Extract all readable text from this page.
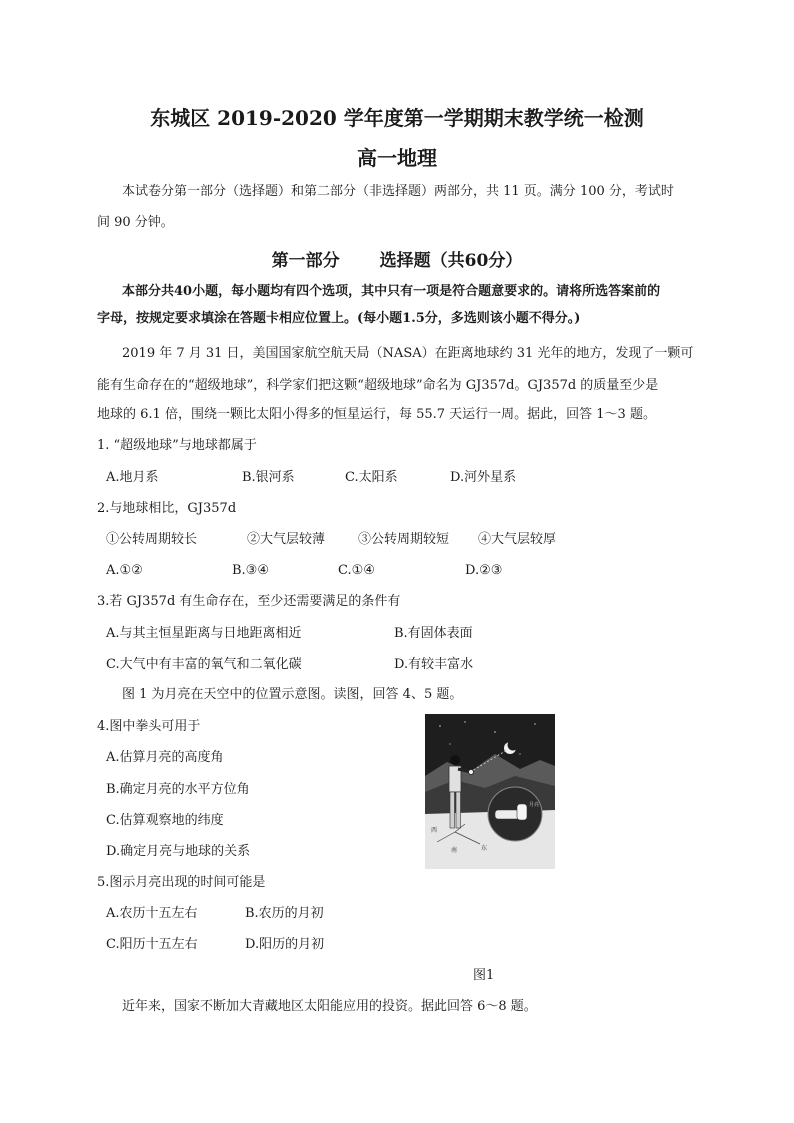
东城区 2019-2020 学年度第一学期期末教学统一检测
高一地理
本试卷分第一部分（选择题）和第二部分（非选择题）两部分，共 11 页。满分 100 分，考试时
间 90 分钟。
第一部分 选择题（共60分）
本部分共40小题，每小题均有四个选项，其中只有一项是符合题意要求的。请将所选答案前的
字母，按规定要求填涂在答题卡相应位置上。(每小题1.5分，多选则该小题不得分。)
2019 年 7 月 31 日，美国国家航空航天局（NASA）在距离地球约 31 光年的地方，发现了一颗可
能有生命存在的“超级地球”，科学家们把这颗“超级地球”命名为 GJ357d。GJ357d 的质量至少是
地球的 6.1 倍，围绕一颗比太阳小得多的恒星运行，每 55.7 天运行一周。据此，回答 1～3 题。
1. “超级地球”与地球都属于
A.地月系	B.银河系	C.太阳系	D.河外星系
2.与地球相比，GJ357d
①公转周期较长	②大气层较薄	③公转周期较短 ④大气层较厚
A.①②	B.③④	C.①④	D.②③
3.若 GJ357d 有生命存在，至少还需要满足的条件有
A.与其主恒星距离与日地距离相近	B.有固体表面
C.大气中有丰富的氧气和二氧化碳	D.有较丰富水
图 1 为月亮在天空中的位置示意图。读图，回答 4、5 题。
4.图中拳头可用于
A.估算月亮的高度角
B.确定月亮的水平方位角
C.估算观察地的纬度
D.确定月亮与地球的关系
5.图示月亮出现的时间可能是
A.农历十五左右	B.农历的月初
C.阳历十五左右	D.阳历的月初
西
南	东
月亮
图1
近年来，国家不断加大青藏地区太阳能应用的投资。据此回答 6～8 题。
